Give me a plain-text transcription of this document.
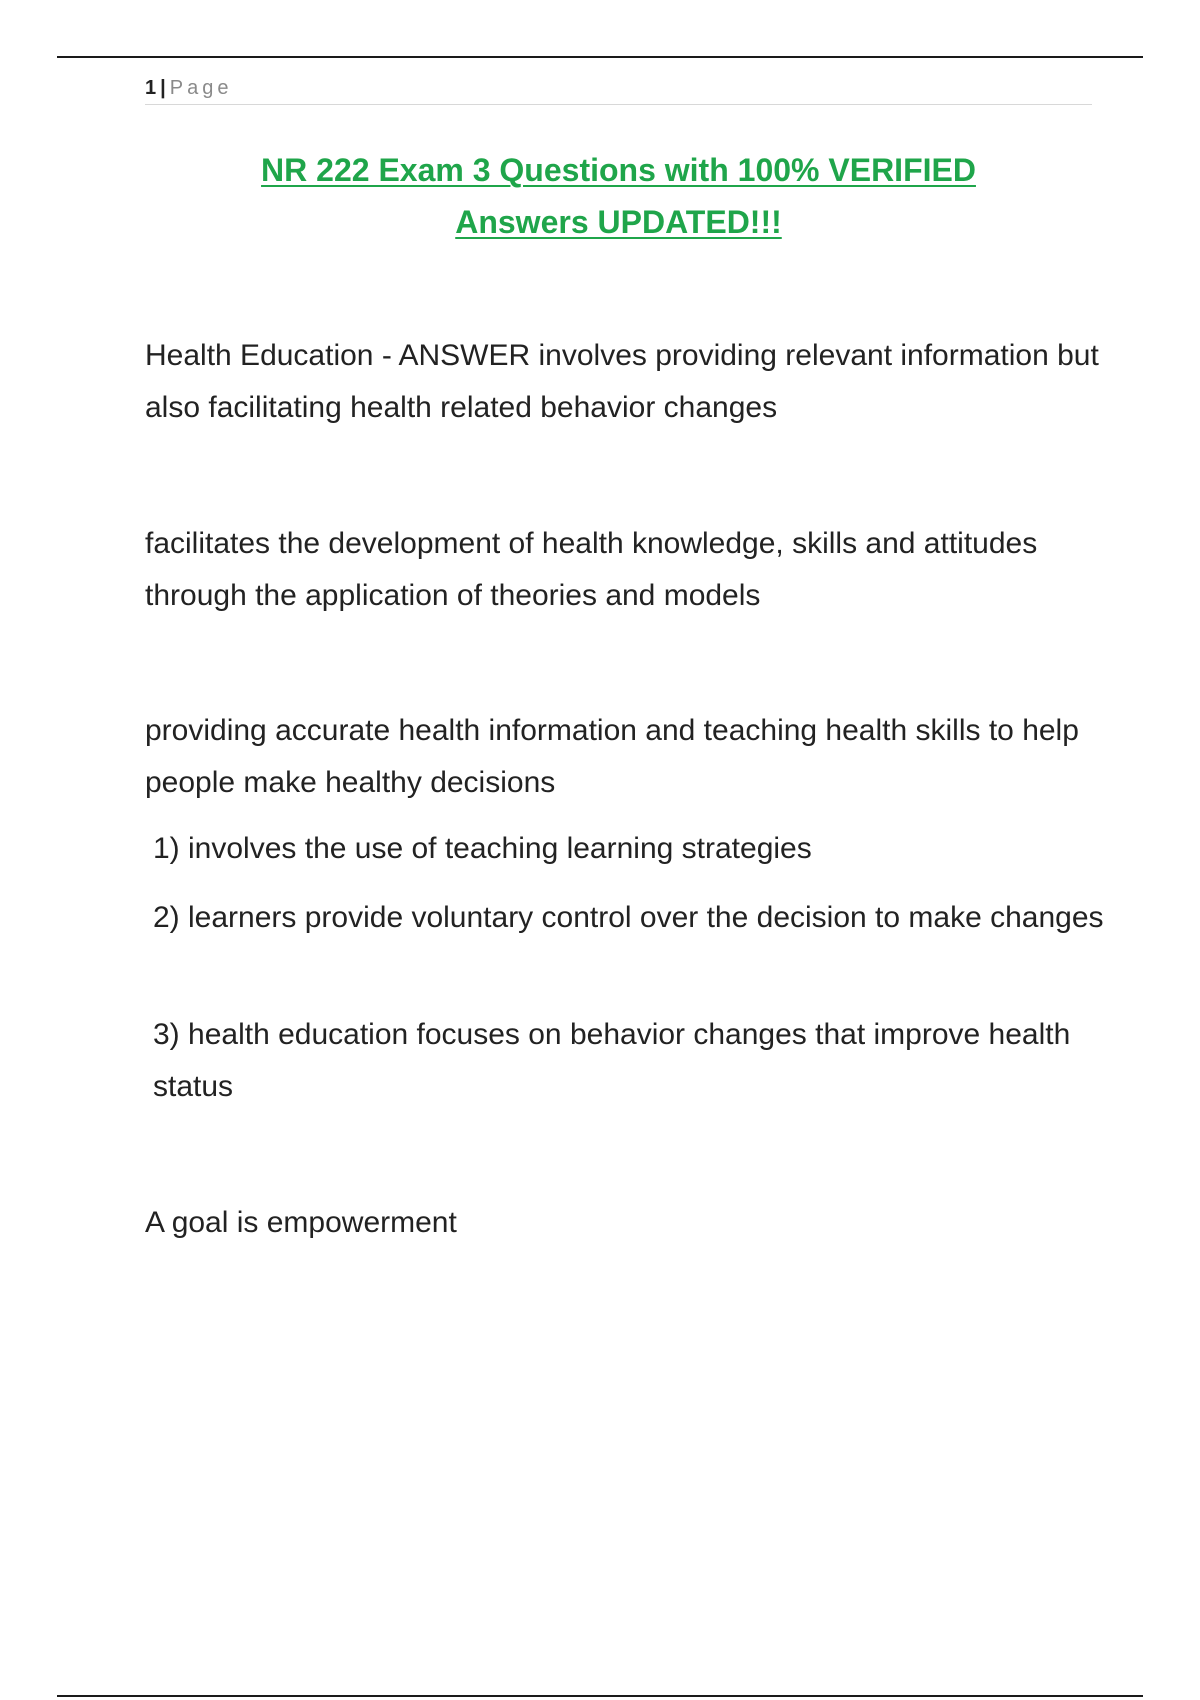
1 | Page
NR 222 Exam 3 Questions with 100% VERIFIED
Answers UPDATED!!!

Health Education - ANSWER involves providing relevant information but also facilitating health related behavior changes

facilitates the development of health knowledge, skills and attitudes through the application of theories and models

providing accurate health information and teaching health skills to help people make healthy decisions

1) involves the use of teaching learning strategies

2) learners provide voluntary control over the decision to make changes

3) health education focuses on behavior changes that improve health status

A goal is empowerment
